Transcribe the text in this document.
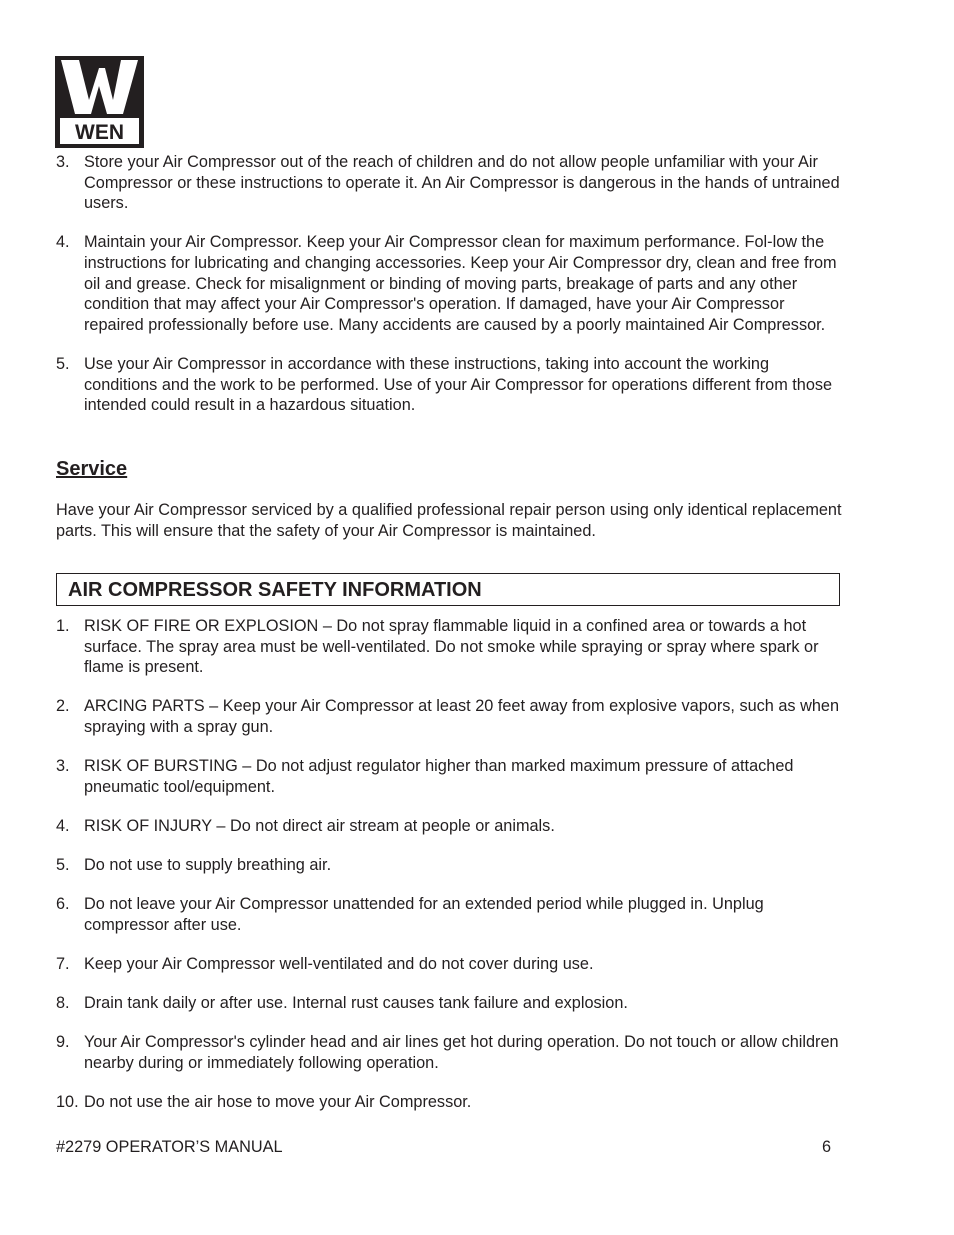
WEN
3. Store your Air Compressor out of the reach of children and do not allow people unfamiliar with your Air Compressor or these instructions to operate it. An Air Compressor is dangerous in the hands of untrained users.
4. Maintain your Air Compressor. Keep your Air Compressor clean for maximum performance. Fol-low the instructions for lubricating and changing accessories. Keep your Air Compressor dry, clean and free from oil and grease. Check for misalignment or binding of moving parts, breakage of parts and any other condition that may affect your Air Compressor's operation. If damaged, have your Air Compressor repaired professionally before use. Many accidents are caused by a poorly maintained Air Compressor.
5. Use your Air Compressor in accordance with these instructions, taking into account the working conditions and the work to be performed. Use of your Air Compressor for operations different from those intended could result in a hazardous situation.
Service

Have your Air Compressor serviced by a qualified professional repair person using only identical replacement parts. This will ensure that the safety of your Air Compressor is maintained.

AIR COMPRESSOR SAFETY INFORMATION
1. RISK OF FIRE OR EXPLOSION – Do not spray flammable liquid in a confined area or towards a hot surface. The spray area must be well-ventilated. Do not smoke while spraying or spray where spark or flame is present.
2. ARCING PARTS – Keep your Air Compressor at least 20 feet away from explosive vapors, such as when spraying with a spray gun.
3. RISK OF BURSTING – Do not adjust regulator higher than marked maximum pressure of attached pneumatic tool/equipment.
4. RISK OF INJURY – Do not direct air stream at people or animals.
5. Do not use to supply breathing air.
6. Do not leave your Air Compressor unattended for an extended period while plugged in. Unplug compressor after use.
7. Keep your Air Compressor well-ventilated and do not cover during use.
8. Drain tank daily or after use. Internal rust causes tank failure and explosion.
9. Your Air Compressor's cylinder head and air lines get hot during operation. Do not touch or allow children nearby during or immediately following operation.
10. Do not use the air hose to move your Air Compressor.
#2279 OPERATOR’S MANUAL	6
